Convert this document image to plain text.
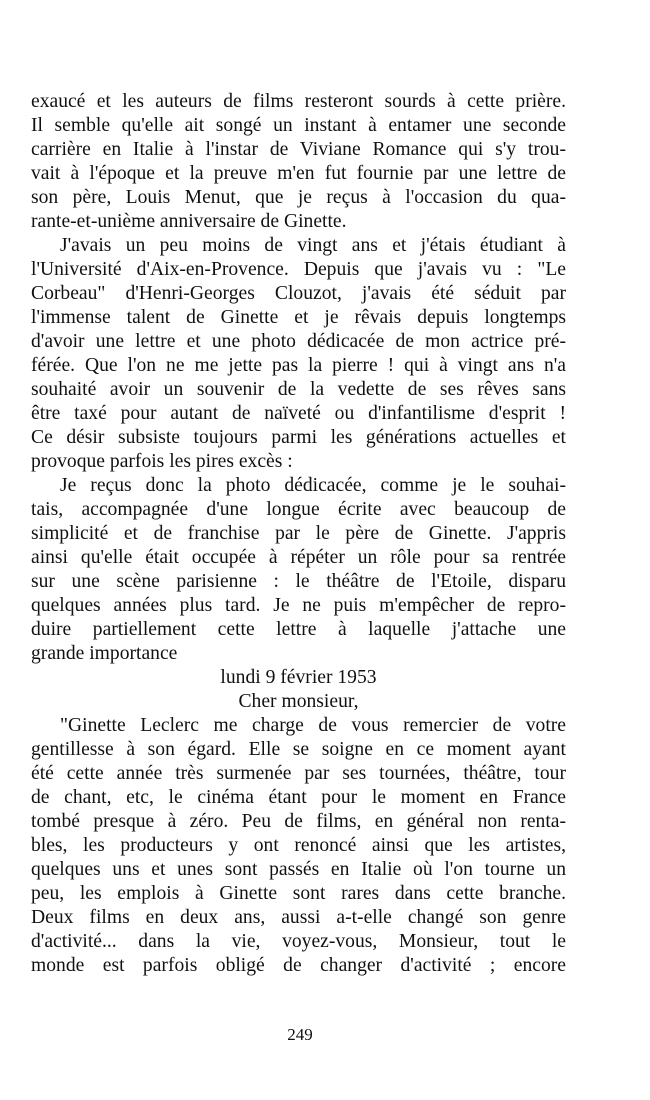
exaucé et les auteurs de films resteront sourds à cette prière.
Il semble qu'elle ait songé un instant à entamer une seconde
carrière en Italie à l'instar de Viviane Romance qui s'y trou-
vait à l'époque et la preuve m'en fut fournie par une lettre de
son père, Louis Menut, que je reçus à l'occasion du qua-
rante-et-unième anniversaire de Ginette.
J'avais un peu moins de vingt ans et j'étais étudiant à
l'Université d'Aix-en-Provence. Depuis que j'avais vu : "Le
Corbeau" d'Henri-Georges Clouzot, j'avais été séduit par
l'immense talent de Ginette et je rêvais depuis longtemps
d'avoir une lettre et une photo dédicacée de mon actrice pré-
férée. Que l'on ne me jette pas la pierre ! qui à vingt ans n'a
souhaité avoir un souvenir de la vedette de ses rêves sans
être taxé pour autant de naïveté ou d'infantilisme d'esprit !
Ce désir subsiste toujours parmi les générations actuelles et
provoque parfois les pires excès :
Je reçus donc la photo dédicacée, comme je le souhai-
tais, accompagnée d'une longue écrite avec beaucoup de
simplicité et de franchise par le père de Ginette. J'appris
ainsi qu'elle était occupée à répéter un rôle pour sa rentrée
sur une scène parisienne : le théâtre de l'Etoile, disparu
quelques années plus tard. Je ne puis m'empêcher de repro-
duire partiellement cette lettre à laquelle j'attache une
grande importance
lundi 9 février 1953
Cher monsieur,
"Ginette Leclerc me charge de vous remercier de votre
gentillesse à son égard. Elle se soigne en ce moment ayant
été cette année très surmenée par ses tournées, théâtre, tour
de chant, etc, le cinéma étant pour le moment en France
tombé presque à zéro. Peu de films, en général non renta-
bles, les producteurs y ont renoncé ainsi que les artistes,
quelques uns et unes sont passés en Italie où l'on tourne un
peu, les emplois à Ginette sont rares dans cette branche.
Deux films en deux ans, aussi a-t-elle changé son genre
d'activité... dans la vie, voyez-vous, Monsieur, tout le
monde est parfois obligé de changer d'activité ; encore
249
